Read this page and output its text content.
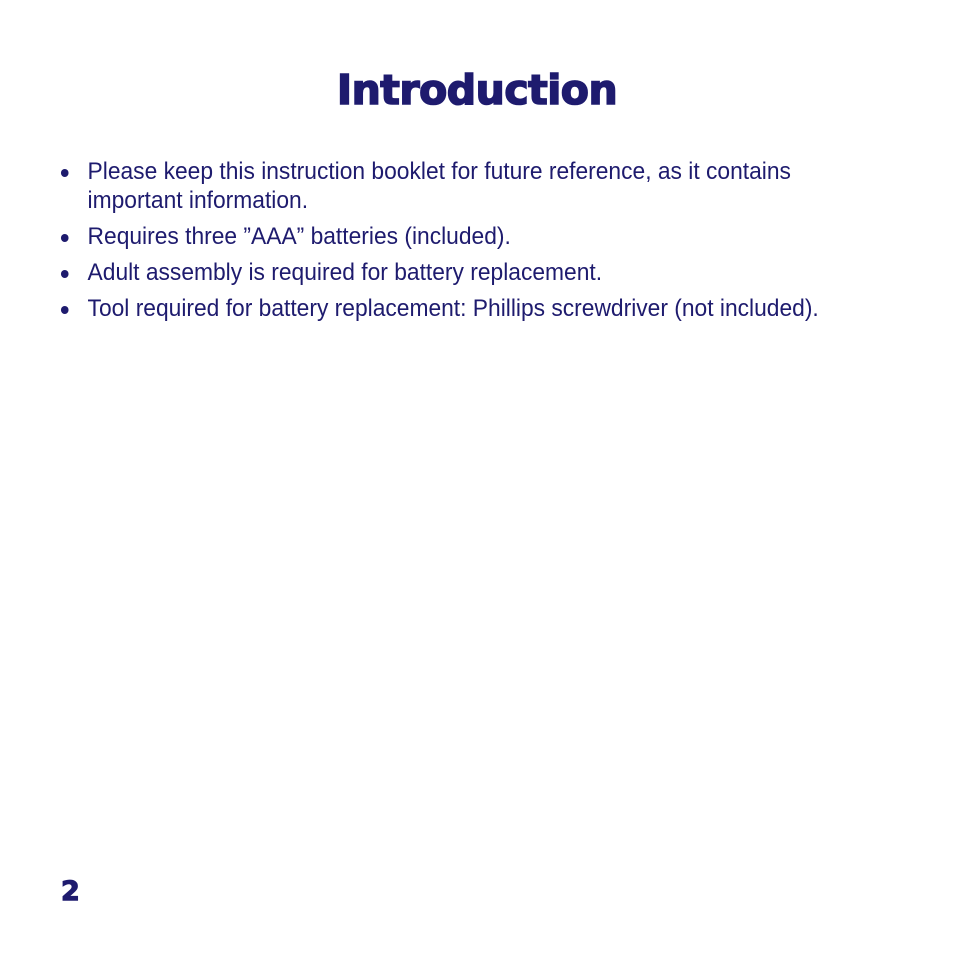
Introduction
Please keep this instruction booklet for future reference, as it contains important information.
Requires three ”AAA” batteries (included).
Adult assembly is required for battery replacement.
Tool required for battery replacement: Phillips screwdriver (not included).
2
